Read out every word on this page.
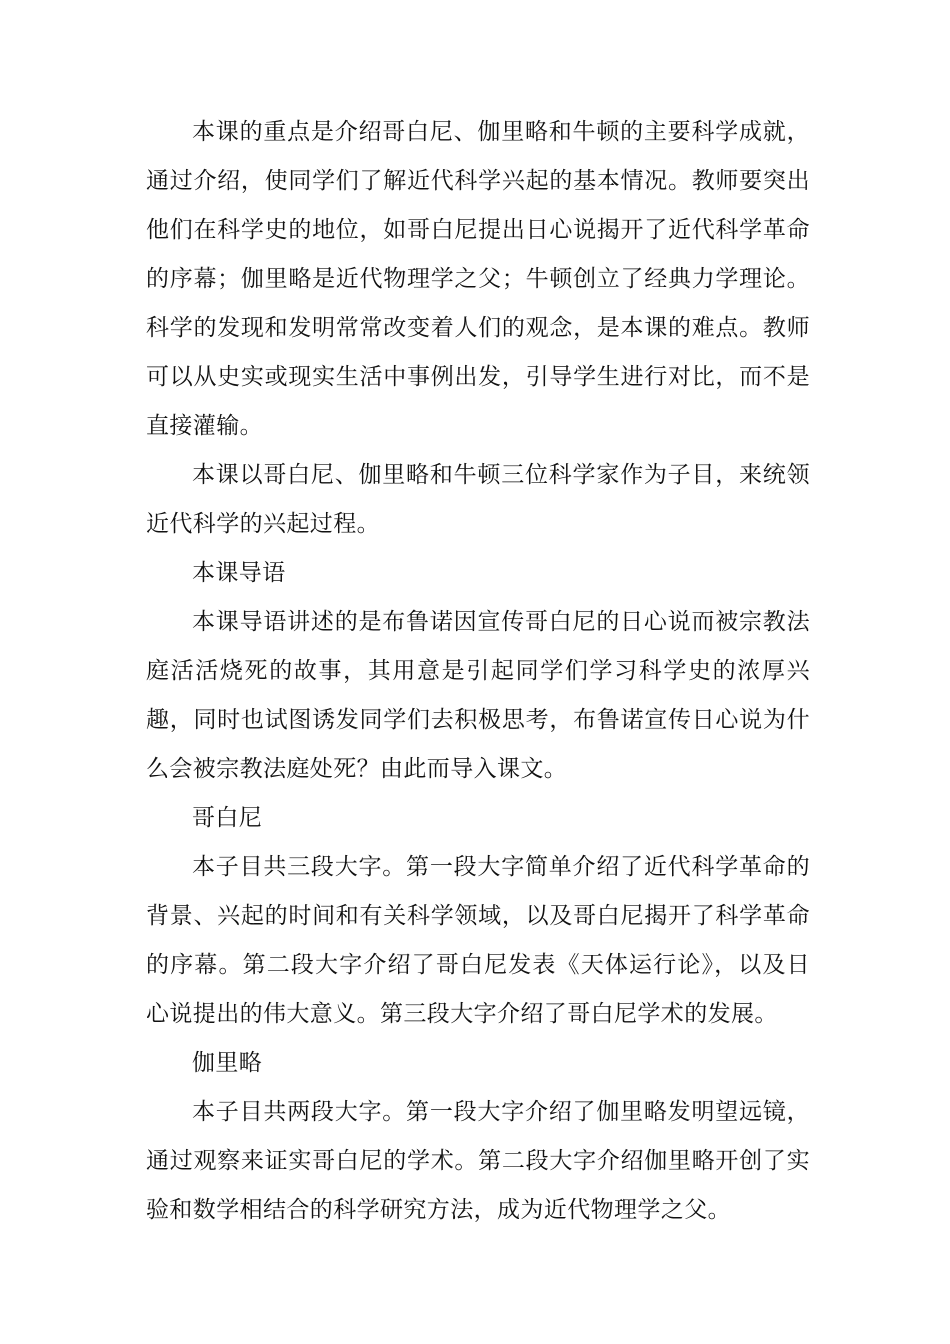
本课的重点是介绍哥白尼、伽里略和牛顿的主要科学成就，通过介绍，使同学们了解近代科学兴起的基本情况。教师要突出他们在科学史的地位，如哥白尼提出日心说揭开了近代科学革命的序幕；伽里略是近代物理学之父；牛顿创立了经典力学理论。科学的发现和发明常常改变着人们的观念，是本课的难点。教师可以从史实或现实生活中事例出发，引导学生进行对比，而不是直接灌输。

本课以哥白尼、伽里略和牛顿三位科学家作为子目，来统领近代科学的兴起过程。

本课导语

本课导语讲述的是布鲁诺因宣传哥白尼的日心说而被宗教法庭活活烧死的故事，其用意是引起同学们学习科学史的浓厚兴趣，同时也试图诱发同学们去积极思考，布鲁诺宣传日心说为什么会被宗教法庭处死？由此而导入课文。

哥白尼

本子目共三段大字。第一段大字简单介绍了近代科学革命的背景、兴起的时间和有关科学领域，以及哥白尼揭开了科学革命的序幕。第二段大字介绍了哥白尼发表《天体运行论》，以及日心说提出的伟大意义。第三段大字介绍了哥白尼学术的发展。

伽里略

本子目共两段大字。第一段大字介绍了伽里略发明望远镜，通过观察来证实哥白尼的学术。第二段大字介绍伽里略开创了实验和数学相结合的科学研究方法，成为近代物理学之父。
